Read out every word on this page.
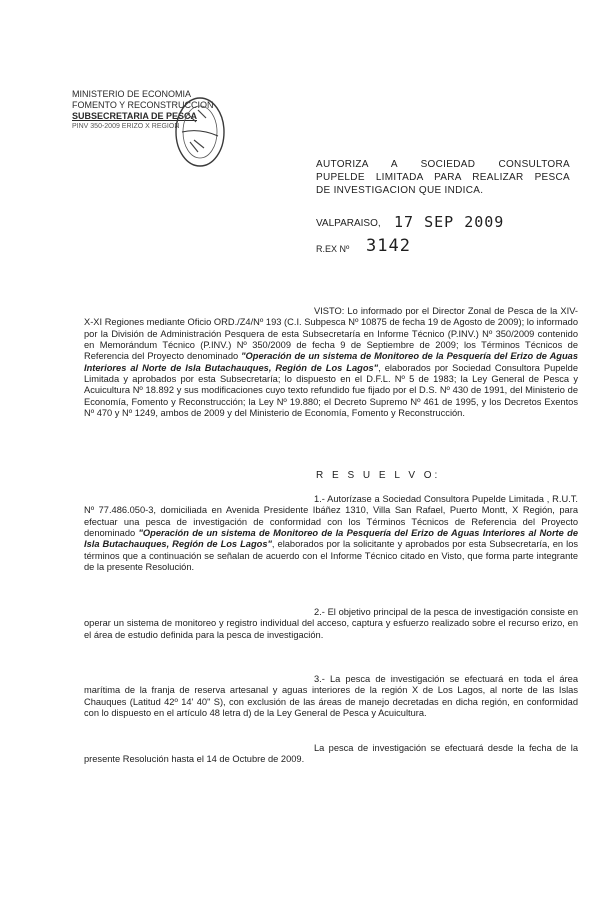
MINISTERIO DE ECONOMIA
FOMENTO Y RECONSTRUCCION
SUBSECRETARIA DE PESCA
PINV 350-2009 ERIZO X REGION
AUTORIZA A SOCIEDAD CONSULTORA
PUPELDE LIMITADA PARA REALIZAR PESCA
DE INVESTIGACION QUE INDICA.
VALPARAISO, 17 SEP 2009
R.EX Nº 3142
VISTO: Lo informado por el Director Zonal de Pesca de la XIV-X-XI Regiones mediante Oficio ORD./Z4/Nº 193 (C.I. Subpesca Nº 10875 de fecha 19 de Agosto de 2009); lo informado por la División de Administración Pesquera de esta Subsecretaría en Informe Técnico (P.INV.) Nº 350/2009 contenido en Memorándum Técnico (P.INV.) Nº 350/2009 de fecha 9 de Septiembre de 2009; los Términos Técnicos de Referencia del Proyecto denominado "Operación de un sistema de Monitoreo de la Pesquería del Erizo de Aguas Interiores al Norte de Isla Butachauques, Región de Los Lagos", elaborados por Sociedad Consultora Pupelde Limitada y aprobados por esta Subsecretaría; lo dispuesto en el D.F.L. Nº 5 de 1983; la Ley General de Pesca y Acuicultura Nº 18.892 y sus modificaciones cuyo texto refundido fue fijado por el D.S. Nº 430 de 1991, del Ministerio de Economía, Fomento y Reconstrucción; la Ley Nº 19.880; el Decreto Supremo Nº 461 de 1995, y los Decretos Exentos Nº 470 y Nº 1249, ambos de 2009 y del Ministerio de Economía, Fomento y Reconstrucción.
R E S U E L V O:
1.- Autorízase a Sociedad Consultora Pupelde Limitada , R.U.T. Nº 77.486.050-3, domiciliada en Avenida Presidente Ibáñez 1310, Villa San Rafael, Puerto Montt, X Región, para efectuar una pesca de investigación de conformidad con los Términos Técnicos de Referencia del Proyecto denominado "Operación de un sistema de Monitoreo de la Pesquería del Erizo de Aguas Interiores al Norte de Isla Butachauques, Región de Los Lagos", elaborados por la solicitante y aprobados por esta Subsecretaría, en los términos que a continuación se señalan de acuerdo con el Informe Técnico citado en Visto, que forma parte integrante de la presente Resolución.
2.- El objetivo principal de la pesca de investigación consiste en operar un sistema de monitoreo y registro individual del acceso, captura y esfuerzo realizado sobre el recurso erizo, en el área de estudio definida para la pesca de investigación.
3.- La pesca de investigación se efectuará en toda el área marítima de la franja de reserva artesanal y aguas interiores de la región X de Los Lagos, al norte de las Islas Chauques (Latitud 42º 14' 40" S), con exclusión de las áreas de manejo decretadas en dicha región, en conformidad con lo dispuesto en el artículo 48 letra d) de la Ley General de Pesca y Acuicultura.
La pesca de investigación se efectuará desde la fecha de la presente Resolución hasta el 14 de Octubre de 2009.
